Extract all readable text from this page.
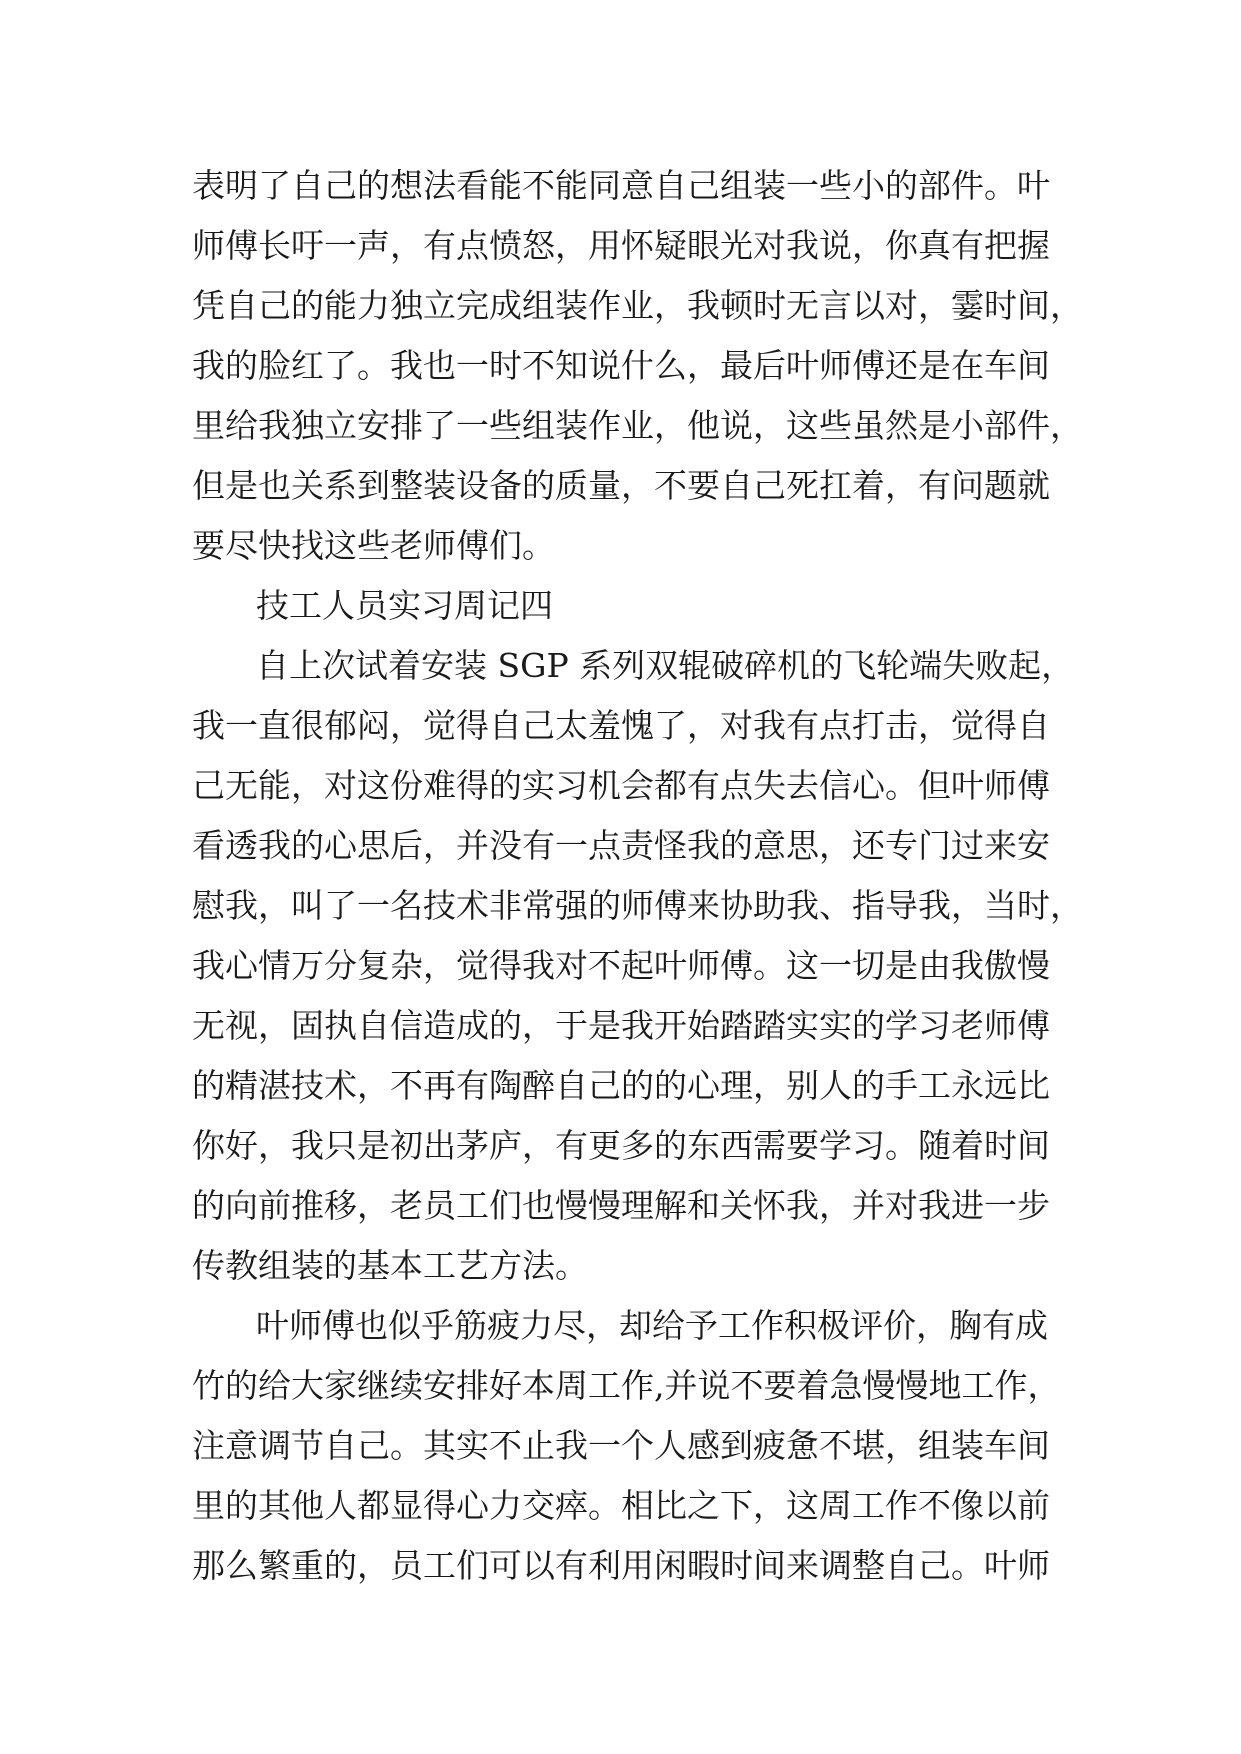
表明了自己的想法看能不能同意自己组装一些小的部件。叶
师傅长吁一声，有点愤怒，用怀疑眼光对我说，你真有把握
凭自己的能力独立完成组装作业，我顿时无言以对，霎时间，
我的脸红了。我也一时不知说什么，最后叶师傅还是在车间
里给我独立安排了一些组装作业，他说，这些虽然是小部件，
但是也关系到整装设备的质量，不要自己死扛着，有问题就
要尽快找这些老师傅们。
技工人员实习周记四
自上次试着安装 SGP 系列双辊破碎机的飞轮端失败起，
我一直很郁闷，觉得自己太羞愧了，对我有点打击，觉得自
己无能，对这份难得的实习机会都有点失去信心。但叶师傅
看透我的心思后，并没有一点责怪我的意思，还专门过来安
慰我，叫了一名技术非常强的师傅来协助我、指导我，当时，
我心情万分复杂，觉得我对不起叶师傅。这一切是由我傲慢
无视，固执自信造成的，于是我开始踏踏实实的学习老师傅
的精湛技术，不再有陶醉自己的的心理，别人的手工永远比
你好，我只是初出茅庐，有更多的东西需要学习。随着时间
的向前推移，老员工们也慢慢理解和关怀我，并对我进一步
传教组装的基本工艺方法。
叶师傅也似乎筋疲力尽，却给予工作积极评价，胸有成
竹的给大家继续安排好本周工作,并说不要着急慢慢地工作，
注意调节自己。其实不止我一个人感到疲惫不堪，组装车间
里的其他人都显得心力交瘁。相比之下，这周工作不像以前
那么繁重的，员工们可以有利用闲暇时间来调整自己。叶师
